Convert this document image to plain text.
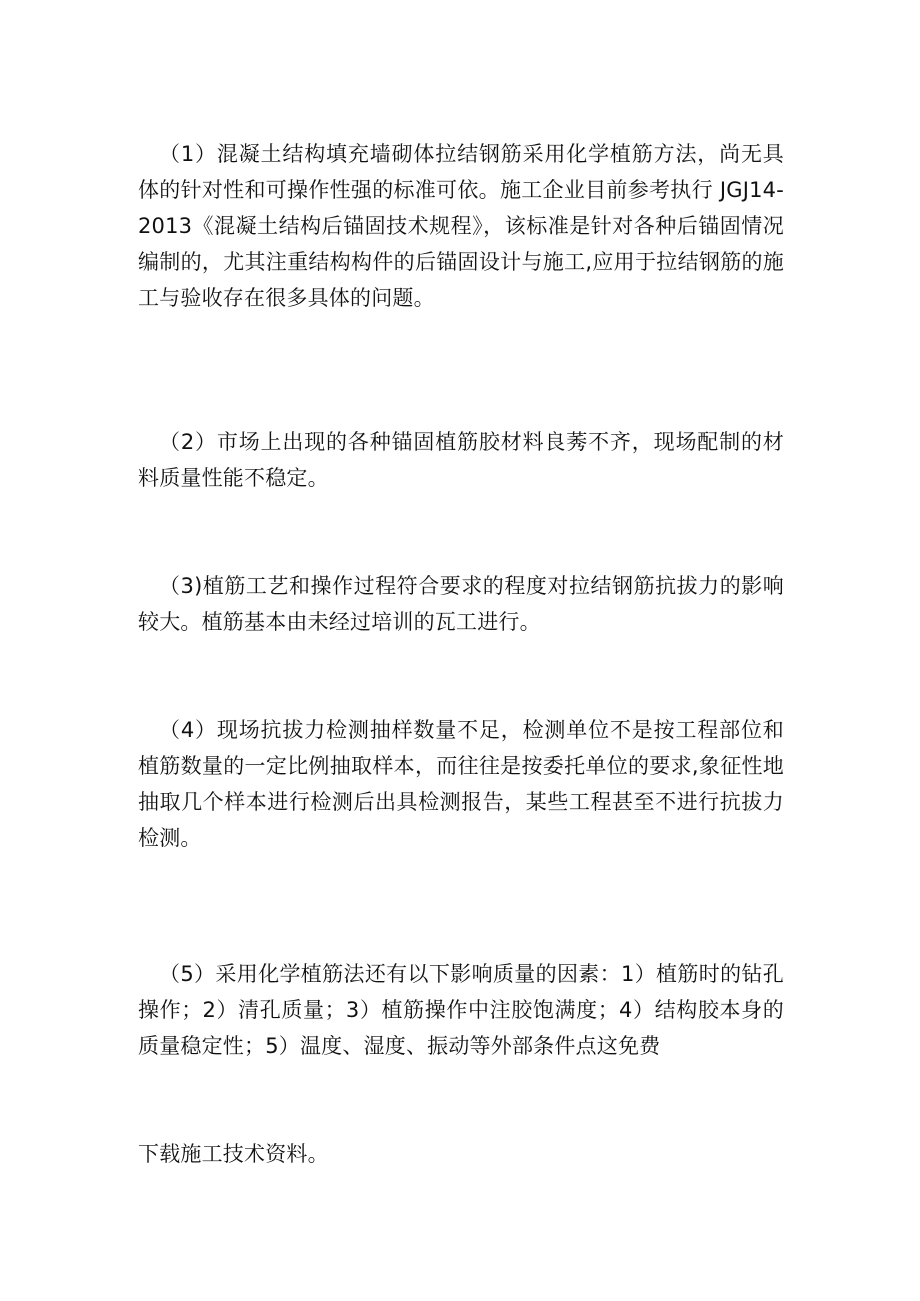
（1）混凝土结构填充墙砌体拉结钢筋采用化学植筋方法，尚无具体的针对性和可操作性强的标准可依。施工企业目前参考执行 JGJ14-2013《混凝土结构后锚固技术规程》，该标准是针对各种后锚固情况编制的，尤其注重结构构件的后锚固设计与施工,应用于拉结钢筋的施工与验收存在很多具体的问题。

（2）市场上出现的各种锚固植筋胶材料良莠不齐，现场配制的材料质量性能不稳定。

（3)植筋工艺和操作过程符合要求的程度对拉结钢筋抗拔力的影响较大。植筋基本由未经过培训的瓦工进行。

（4）现场抗拔力检测抽样数量不足，检测单位不是按工程部位和植筋数量的一定比例抽取样本，而往往是按委托单位的要求,象征性地抽取几个样本进行检测后出具检测报告，某些工程甚至不进行抗拔力检测。

（5）采用化学植筋法还有以下影响质量的因素：1）植筋时的钻孔操作；2）清孔质量；3）植筋操作中注胶饱满度；4）结构胶本身的质量稳定性；5）温度、湿度、振动等外部条件点这免费

下载施工技术资料。
